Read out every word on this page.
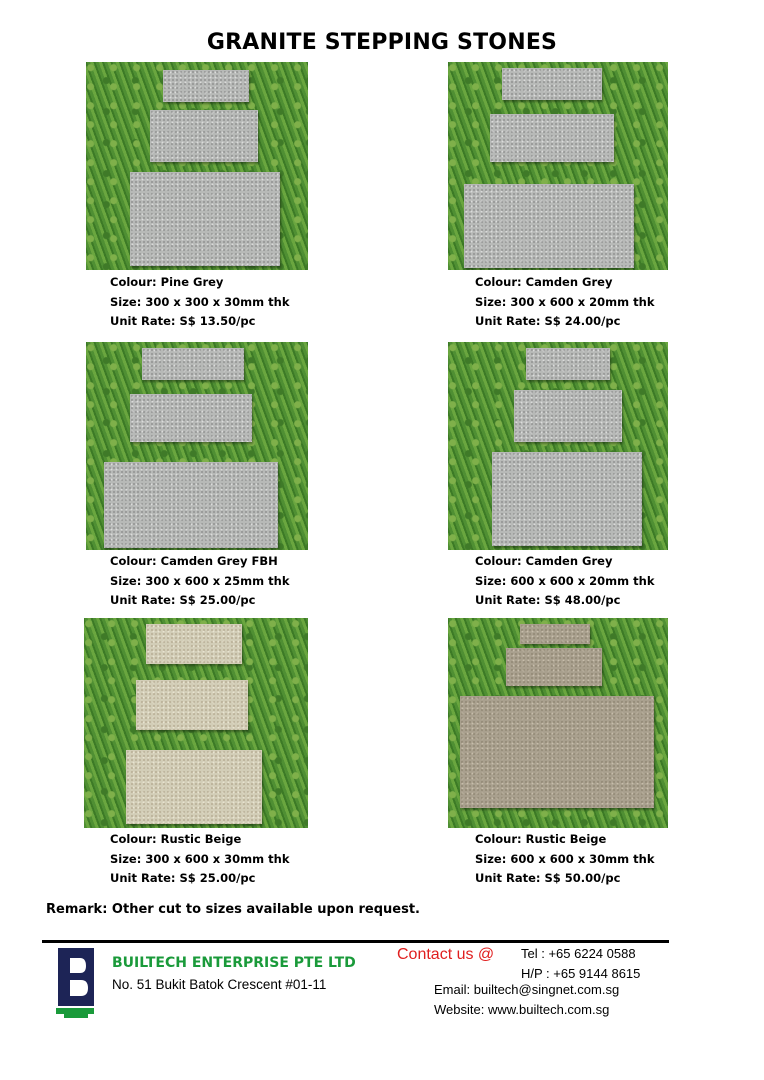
GRANITE STEPPING STONES
Colour: Pine Grey
Size: 300 x 300 x 30mm thk
Unit Rate: S$ 13.50/pc
Colour: Camden Grey
Size: 300 x 600 x 20mm thk
Unit Rate: S$ 24.00/pc
Colour: Camden Grey FBH
Size: 300 x 600 x 25mm thk
Unit Rate: S$ 25.00/pc
Colour: Camden Grey
Size: 600 x 600 x 20mm thk
Unit Rate: S$ 48.00/pc
Colour: Rustic Beige
Size: 300 x 600 x 30mm thk
Unit Rate: S$ 25.00/pc
Colour: Rustic Beige
Size: 600 x 600 x 30mm thk
Unit Rate: S$ 50.00/pc
Remark: Other cut to sizes available upon request.
BUILTECH ENTERPRISE PTE LTD
No. 51 Bukit Batok Crescent #01-11
Contact us @ Tel : +65 6224 0588
H/P : +65 9144 8615
Email: builtech@singnet.com.sg
Website: www.builtech.com.sg
